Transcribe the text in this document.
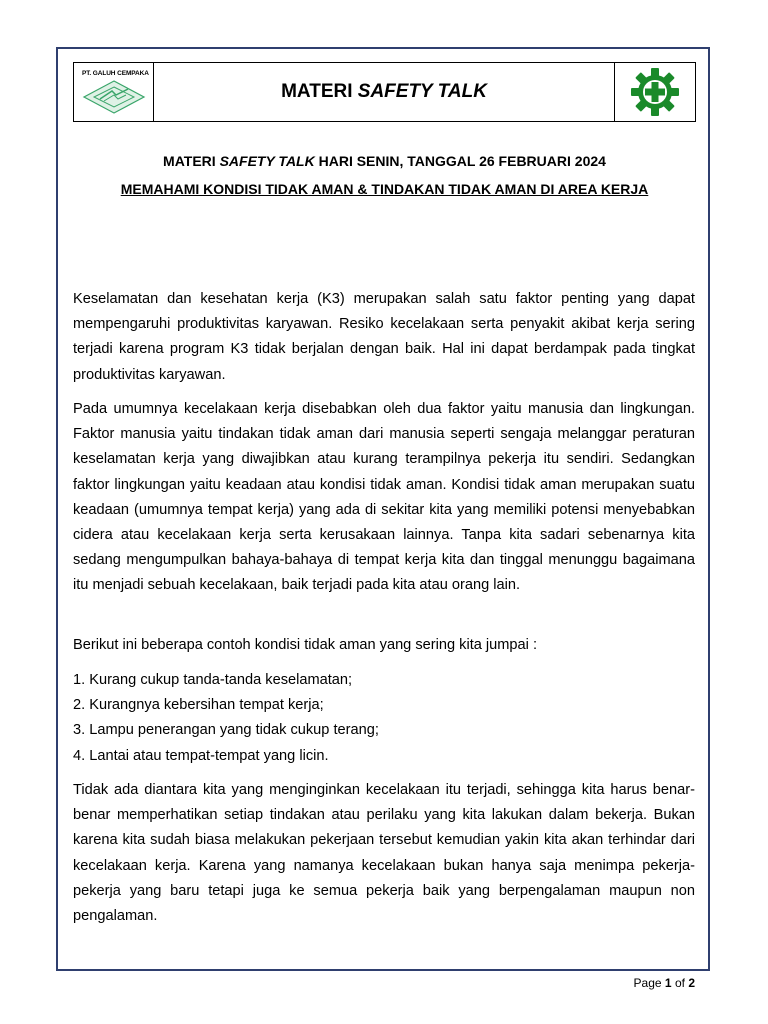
PT. GALUH CEMPAKA
MATERI
SAFETY TALK
MATERI SAFETY TALK HARI SENIN, TANGGAL 26 FEBRUARI 2024
MEMAHAMI KONDISI TIDAK AMAN & TINDAKAN TIDAK AMAN DI AREA KERJA

Keselamatan dan kesehatan kerja (K3) merupakan salah satu faktor penting yang dapat mempengaruhi produktivitas karyawan. Resiko kecelakaan serta penyakit akibat kerja sering terjadi karena program K3 tidak berjalan dengan baik. Hal ini dapat berdampak pada tingkat produktivitas karyawan.

Pada umumnya kecelakaan kerja disebabkan oleh dua faktor yaitu manusia dan lingkungan. Faktor manusia yaitu tindakan tidak aman dari manusia seperti sengaja melanggar peraturan keselamatan kerja yang diwajibkan atau kurang terampilnya pekerja itu sendiri. Sedangkan faktor lingkungan yaitu keadaan atau kondisi tidak aman. Kondisi tidak aman merupakan suatu keadaan (umumnya tempat kerja) yang ada di sekitar kita yang memiliki potensi menyebabkan cidera atau kecelakaan kerja serta kerusakaan lainnya. Tanpa kita sadari sebenarnya kita sedang mengumpulkan bahaya-bahaya di tempat kerja kita dan tinggal menunggu bagaimana itu menjadi sebuah kecelakaan, baik terjadi pada kita atau orang lain.

Berikut ini beberapa contoh kondisi tidak aman yang sering kita jumpai :

1. Kurang cukup tanda-tanda keselamatan;

2. Kurangnya kebersihan tempat kerja;

3. Lampu penerangan yang tidak cukup terang;

4. Lantai atau tempat-tempat yang licin.

Tidak ada diantara kita yang menginginkan kecelakaan itu terjadi, sehingga kita harus benar-benar memperhatikan setiap tindakan atau perilaku yang kita lakukan dalam bekerja. Bukan karena kita sudah biasa melakukan pekerjaan tersebut kemudian yakin kita akan terhindar dari kecelakaan kerja. Karena yang namanya kecelakaan bukan hanya saja menimpa pekerja-pekerja yang baru tetapi juga ke semua pekerja baik yang berpengalaman maupun non pengalaman.

Page 1 of 2
